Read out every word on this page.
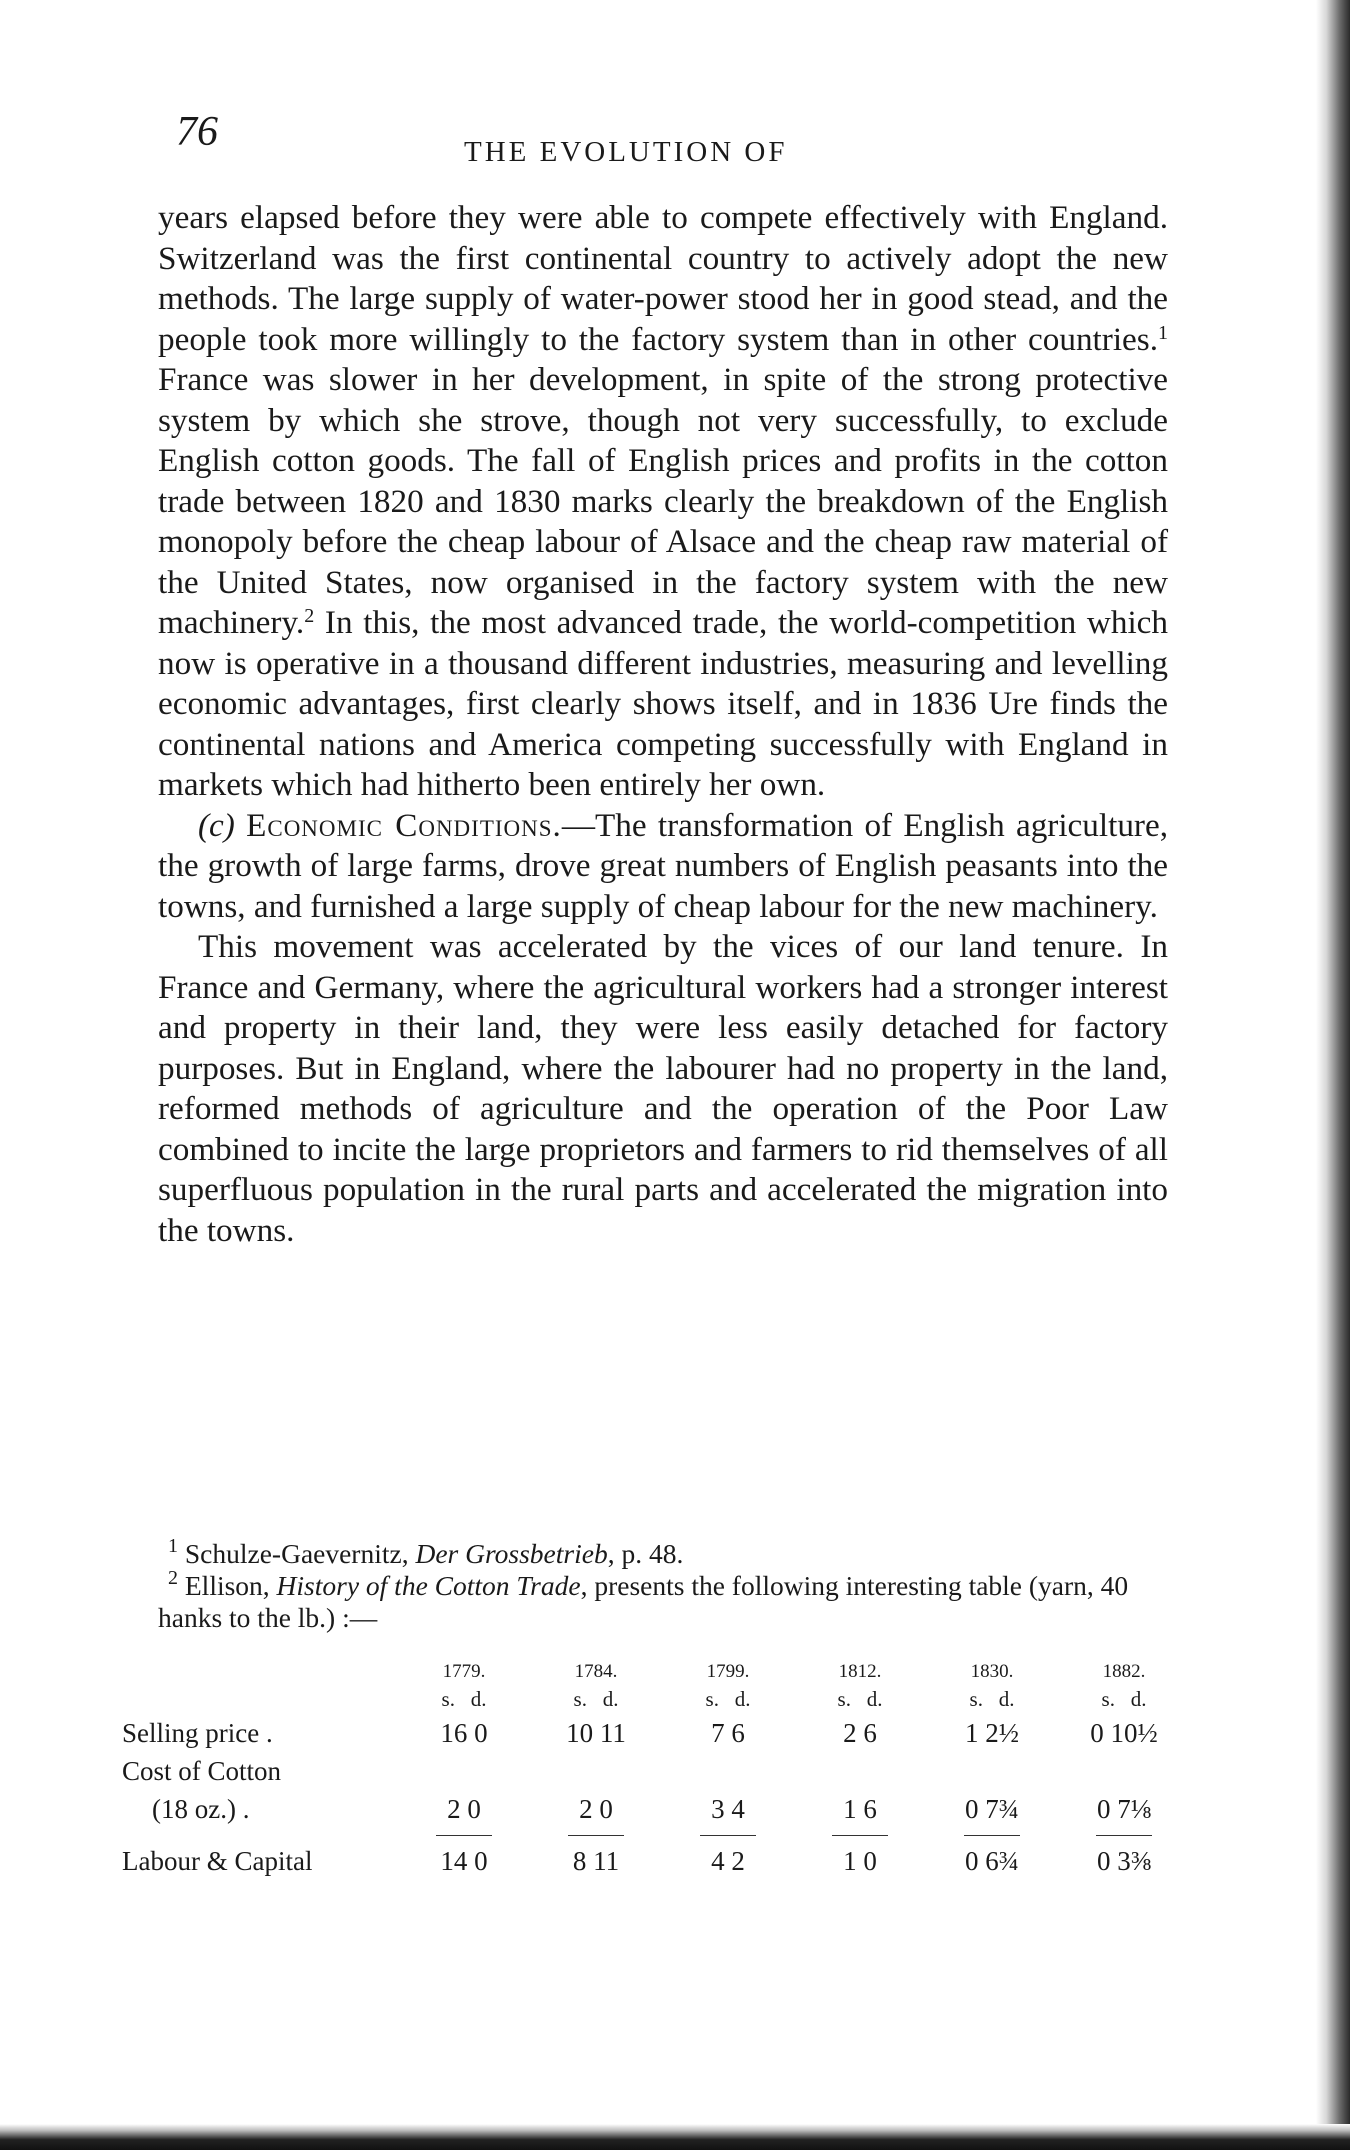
76	THE EVOLUTION OF

years elapsed before they were able to compete effectively with England. Switzerland was the first continental country to actively adopt the new methods. The large supply of water-power stood her in good stead, and the people took more willingly to the factory system than in other countries.$^1$ France was slower in her development, in spite of the strong protective system by which she strove, though not very successfully, to exclude English cotton goods. The fall of English prices and profits in the cotton trade between 1820 and 1830 marks clearly the breakdown of the English monopoly before the cheap labour of Alsace and the cheap raw material of the United States, now organised in the factory system with the new machinery.$^2$ In this, the most advanced trade, the world-competition which now is operative in a thousand different industries, measuring and levelling economic advantages, first clearly shows itself, and in 1836 Ure finds the continental nations and America competing successfully with England in markets which had hitherto been entirely her own.

(c) Economic Conditions.—The transformation of English agriculture, the growth of large farms, drove great numbers of English peasants into the towns, and furnished a large supply of cheap labour for the new machinery.

This movement was accelerated by the vices of our land tenure. In France and Germany, where the agricultural workers had a stronger interest and property in their land, they were less easily detached for factory purposes. But in England, where the labourer had no property in the land, reformed methods of agriculture and the operation of the Poor Law combined to incite the large proprietors and farmers to rid themselves of all superfluous population in the rural parts and accelerated the migration into the towns.

$^1$ Schulze-Gaevernitz, Der Grossbetrieb, p. 48.

$^2$ Ellison, History of the Cotton Trade, presents the following interesting table (yarn, 40 hanks to the lb.) :—

	1779.	1784.	1799.	1812.	1830.	1882.
	s. d.	s. d.	s. d.	s. d.	s. d.	s. d.
Selling price .	16 0	10 11	7 6	2 6	1 2½	0 10½
Cost of Cotton						
(18 oz.) .	2 0	2 0	3 4	1 6	0 7¾	0 7⅛

Labour & Capital	14 0	8 11	4 2	1 0	0 6¾	0 3⅜
